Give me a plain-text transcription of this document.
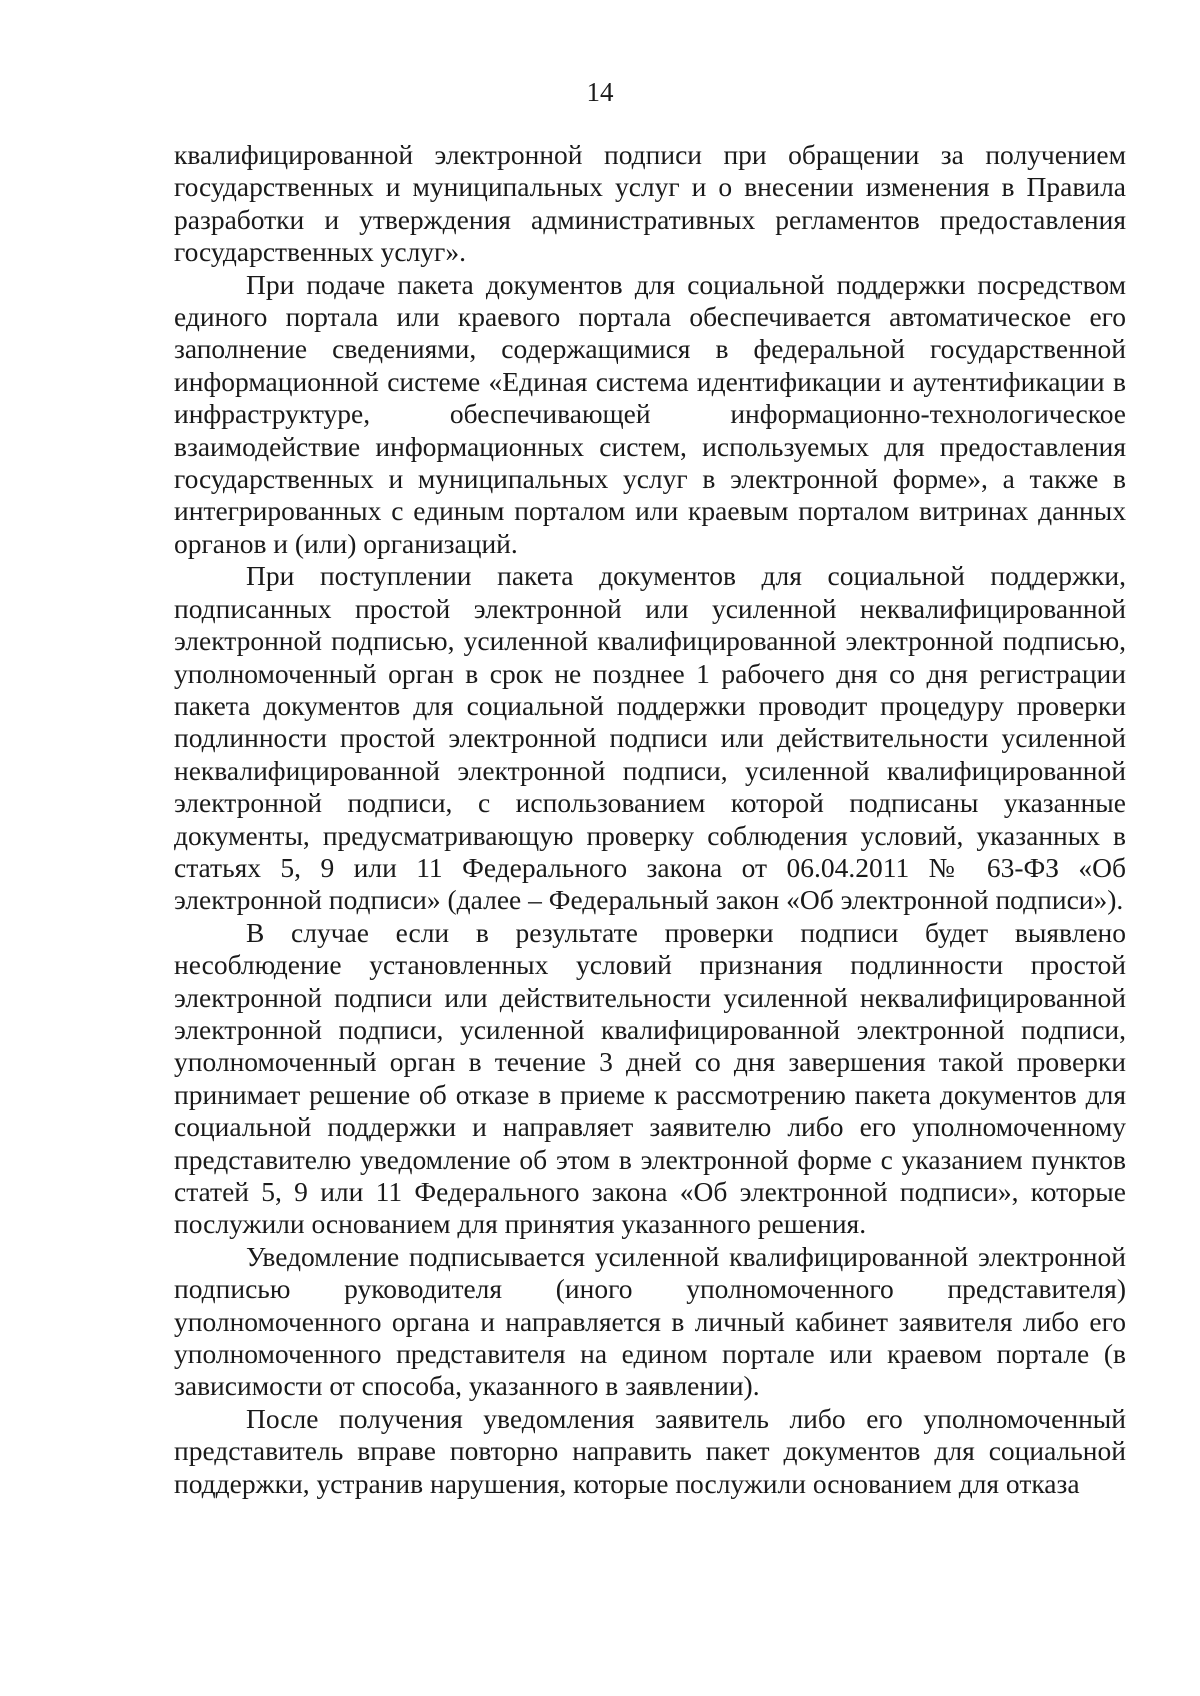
14

квалифицированной электронной подписи при обращении за получением государственных и муниципальных услуг и о внесении изменения в Правила разработки и утверждения административных регламентов предоставления государственных услуг».

При подаче пакета документов для социальной поддержки посредством единого портала или краевого портала обеспечивается автоматическое его заполнение сведениями, содержащимися в федеральной государственной информационной системе «Единая система идентификации и аутентификации в инфраструктуре, обеспечивающей информационно-технологическое взаимодействие информационных систем, используемых для предоставления государственных и муниципальных услуг в электронной форме», а также в интегрированных с единым порталом или краевым порталом витринах данных органов и (или) организаций.

При поступлении пакета документов для социальной поддержки, подписанных простой электронной или усиленной неквалифицированной электронной подписью, усиленной квалифицированной электронной подписью, уполномоченный орган в срок не позднее 1 рабочего дня со дня регистрации пакета документов для социальной поддержки проводит процедуру проверки подлинности простой электронной подписи или действительности усиленной неквалифицированной электронной подписи, усиленной квалифицированной электронной подписи, с использованием которой подписаны указанные документы, предусматривающую проверку соблюдения условий, указанных в статьях 5, 9 или 11 Федерального закона от 06.04.2011 № 63-ФЗ «Об электронной подписи» (далее – Федеральный закон «Об электронной подписи»).

В случае если в результате проверки подписи будет выявлено несоблюдение установленных условий признания подлинности простой электронной подписи или действительности усиленной неквалифицированной электронной подписи, усиленной квалифицированной электронной подписи, уполномоченный орган в течение 3 дней со дня завершения такой проверки принимает решение об отказе в приеме к рассмотрению пакета документов для социальной поддержки и направляет заявителю либо его уполномоченному представителю уведомление об этом в электронной форме с указанием пунктов статей 5, 9 или 11 Федерального закона «Об электронной подписи», которые послужили основанием для принятия указанного решения.

Уведомление подписывается усиленной квалифицированной электронной подписью руководителя (иного уполномоченного представителя) уполномоченного органа и направляется в личный кабинет заявителя либо его уполномоченного представителя на едином портале или краевом портале (в зависимости от способа, указанного в заявлении).

После получения уведомления заявитель либо его уполномоченный представитель вправе повторно направить пакет документов для социальной поддержки, устранив нарушения, которые послужили основанием для отказа
